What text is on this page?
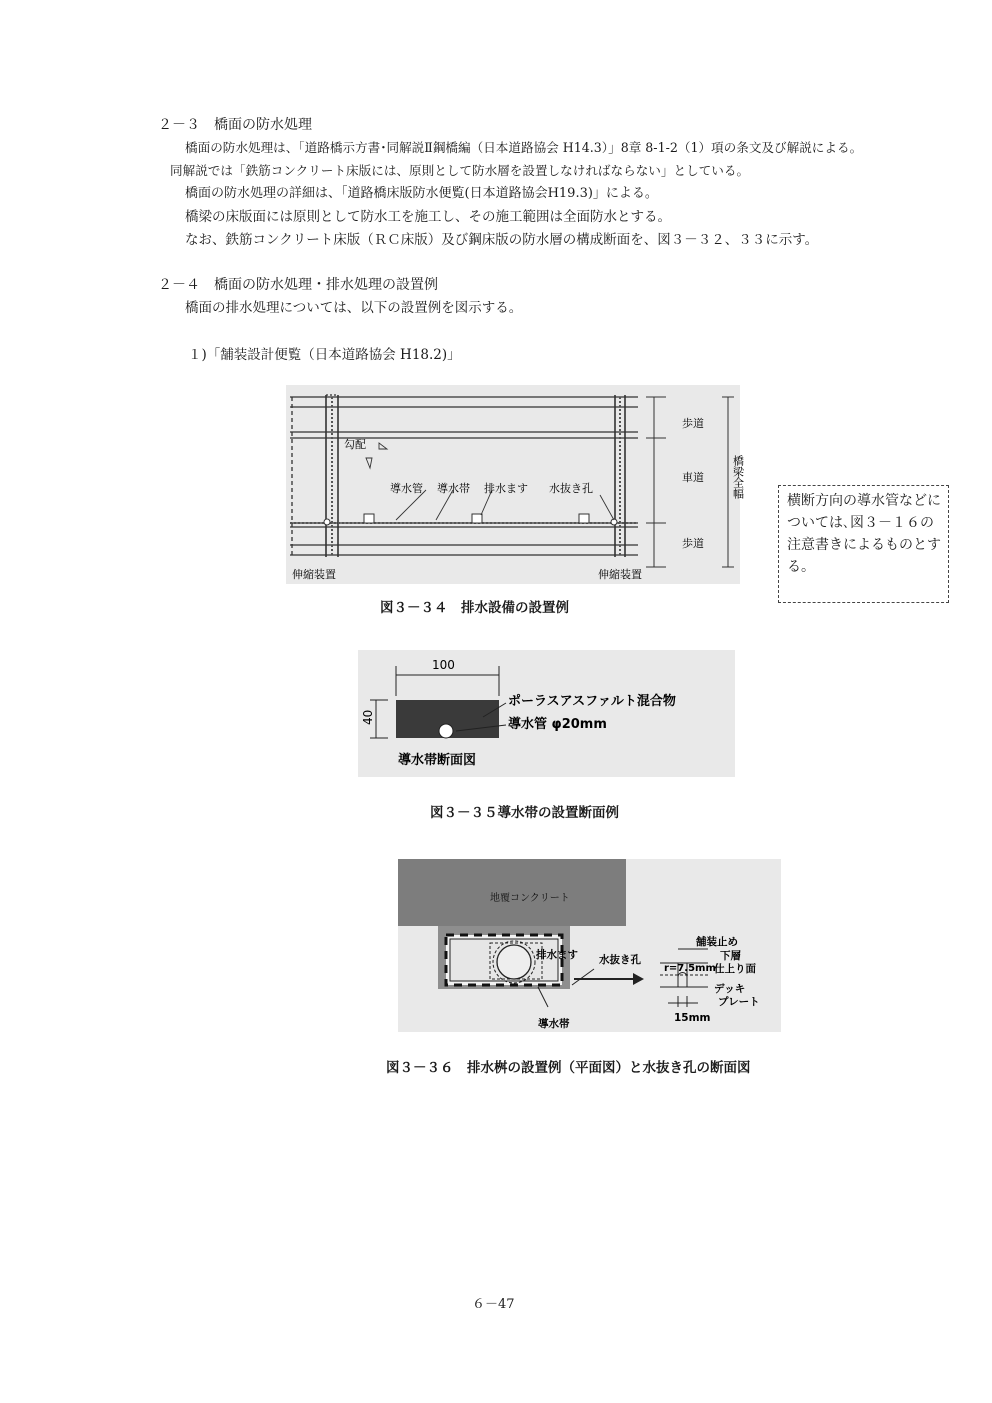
２－３　橋面の防水処理
橋面の防水処理は、「道路橋示方書･同解説Ⅱ鋼橋編（日本道路協会 H14.3）」8章 8-1-2（1）項の条文及び解説による。
同解説では「鉄筋コンクリート床版には、原則として防水層を設置しなければならない」としている。
橋面の防水処理の詳細は、「道路橋床版防水便覧(日本道路協会H19.3)」による。
橋梁の床版面には原則として防水工を施工し、その施工範囲は全面防水とする。
なお、鉄筋コンクリート床版（ＲＣ床版）及び鋼床版の防水層の構成断面を、図３－３２、３３に示す。
２－４　橋面の防水処理・排水処理の設置例
橋面の排水処理については、以下の設置例を図示する。
１)「舗装設計便覧（日本道路協会 H18.2)」
勾配
導水管 導水帯 排水ます 水抜き孔
歩道
車道
歩道
橋梁全幅
伸縮装置	伸縮装置
図３－３４　排水設備の設置例
横断方向の導水管などについては､図３－１６の注意書きによるものとする。
100
40
ポーラスアスファルト混合物
導水管 φ20mm
導水帯断面図
図３－３５導水帯の設置断面例
地覆コンクリート
排水ます 水抜き孔
導水帯
舗装止め
r=7.5mm
下層
仕上り面
デッキ
プレート
15mm
図３－３６　排水桝の設置例（平面図）と水抜き孔の断面図
６－47
